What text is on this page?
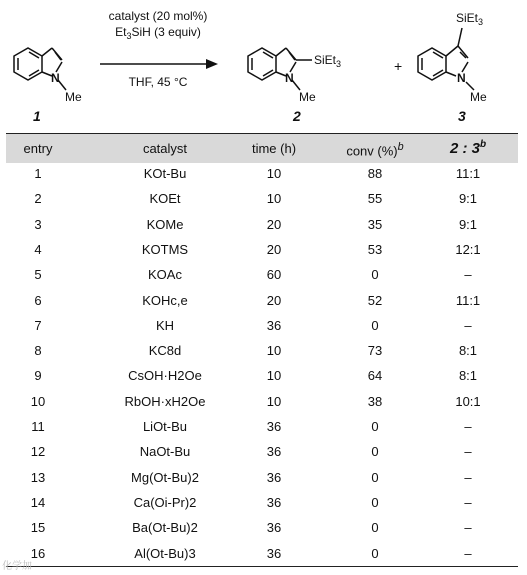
N
Me
1
catalyst (20 mol%)
$Et_3SiH$ (3 equiv)
THF, 45 °C	N
SiEt$_3$
Me
2
+
SiEt$_3$
N
Me
3
entry	catalyst	time (h)	conv (%)$^b$	2 : 3$^b$
1	KOt-Bu	10	88	11:1
2	KOEt	10	55	9:1
3	KOMe	20	35	9:1
4	KOTMS	20	53	12:1
5	KOAc	60	0	–
6	KOHc,e	20	52	11:1
7	KH	36	0	–
8	KC8d	10	73	8:1
9	CsOH·H2Oe	10	64	8:1
10	RbOH·xH2Oe	10	38	10:1
11	LiOt-Bu	36	0	–
12	NaOt-Bu	36	0	–
13	Mg(Ot-Bu)2	36	0	–
14	Ca(Oi-Pr)2	36	0	–
15	Ba(Ot-Bu)2	36	0	–
16	Al(Ot-Bu)3	36	0	–
化学加
